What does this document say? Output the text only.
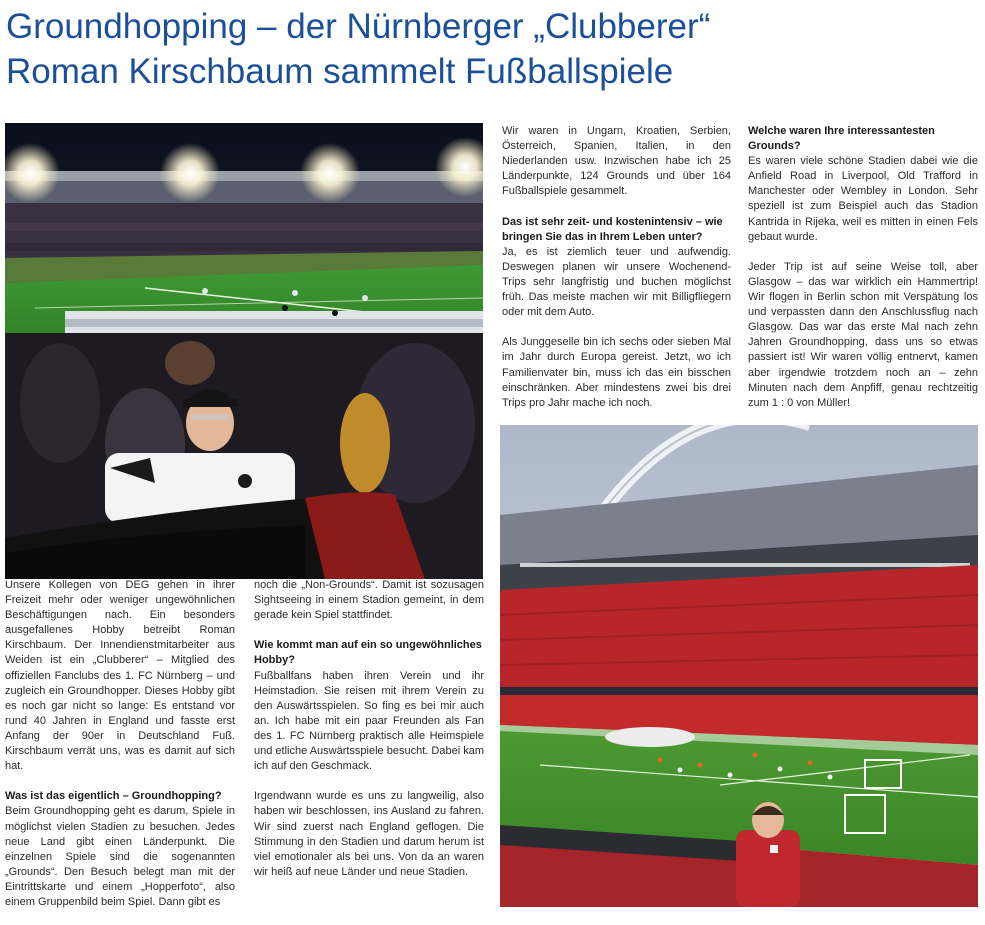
Groundhopping – der Nürnberger „Clubberer“
Roman Kirschbaum sammelt Fußballspiele

Unsere Kollegen von DEG gehen in ihrer Freizeit mehr oder weniger ungewöhnlichen Beschäftigungen nach. Ein besonders ausgefallenes Hobby betreibt Roman Kirschbaum. Der Innendienstmitarbeiter aus Weiden ist ein „Clubberer“ – Mitglied des offiziellen Fanclubs des 1. FC Nürnberg – und zugleich ein Groundhopper. Dieses Hobby gibt es noch gar nicht so lange: Es entstand vor rund 40 Jahren in England und fasste erst Anfang der 90er in Deutschland Fuß. Kirschbaum verrät uns, was es damit auf sich hat.

Was ist das eigentlich – Groundhopping?

Beim Groundhopping geht es darum, Spiele in möglichst vielen Stadien zu besuchen. Jedes neue Land gibt einen Länderpunkt. Die einzelnen Spiele sind die sogenannten „Grounds“. Den Besuch belegt man mit der Eintrittskarte und einem „Hopperfoto“, also einem Gruppenbild beim Spiel. Dann gibt es

noch die „Non-Grounds“. Damit ist sozusagen Sightseeing in einem Stadion gemeint, in dem gerade kein Spiel stattfindet.

Wie kommt man auf ein so ungewöhnliches Hobby?

Fußballfans haben ihren Verein und ihr Heimstadion. Sie reisen mit ihrem Verein zu den Auswärtsspielen. So fing es bei mir auch an. Ich habe mit ein paar Freunden als Fan des 1. FC Nürnberg praktisch alle Heimspiele und etliche Auswärtsspiele besucht. Dabei kam ich auf den Geschmack.

Irgendwann wurde es uns zu langweilig, also haben wir beschlossen, ins Ausland zu fahren. Wir sind zuerst nach England geflogen. Die Stimmung in den Stadien und darum herum ist viel emotionaler als bei uns. Von da an waren wir heiß auf neue Länder und neue Stadien.

Wir waren in Ungarn, Kroatien, Serbien, Österreich, Spanien, Italien, in den Niederlanden usw. Inzwischen habe ich 25 Länderpunkte, 124 Grounds und über 164 Fußballspiele gesammelt.

Das ist sehr zeit- und kostenintensiv – wie bringen Sie das in Ihrem Leben unter?

Ja, es ist ziemlich teuer und aufwendig. Deswegen planen wir unsere Wochenend-Trips sehr langfristig und buchen möglichst früh. Das meiste machen wir mit Billigfliegern oder mit dem Auto.

Als Junggeselle bin ich sechs oder sieben Mal im Jahr durch Europa gereist. Jetzt, wo ich Familienvater bin, muss ich das ein bisschen einschränken. Aber mindestens zwei bis drei Trips pro Jahr mache ich noch.

Welche waren Ihre interessantesten Grounds?

Es waren viele schöne Stadien dabei wie die Anfield Road in Liverpool, Old Trafford in Manchester oder Wembley in London. Sehr speziell ist zum Beispiel auch das Stadion Kantrida in Rijeka, weil es mitten in einen Fels gebaut wurde.

Jeder Trip ist auf seine Weise toll, aber Glasgow – das war wirklich ein Hammertrip! Wir flogen in Berlin schon mit Verspätung los und verpassten dann den Anschlussflug nach Glasgow. Das war das erste Mal nach zehn Jahren Groundhopping, dass uns so etwas passiert ist! Wir waren völlig entnervt, kamen aber irgendwie trotzdem noch an – zehn Minuten nach dem Anpfiff, genau rechtzeitig zum 1 : 0 von Müller!
